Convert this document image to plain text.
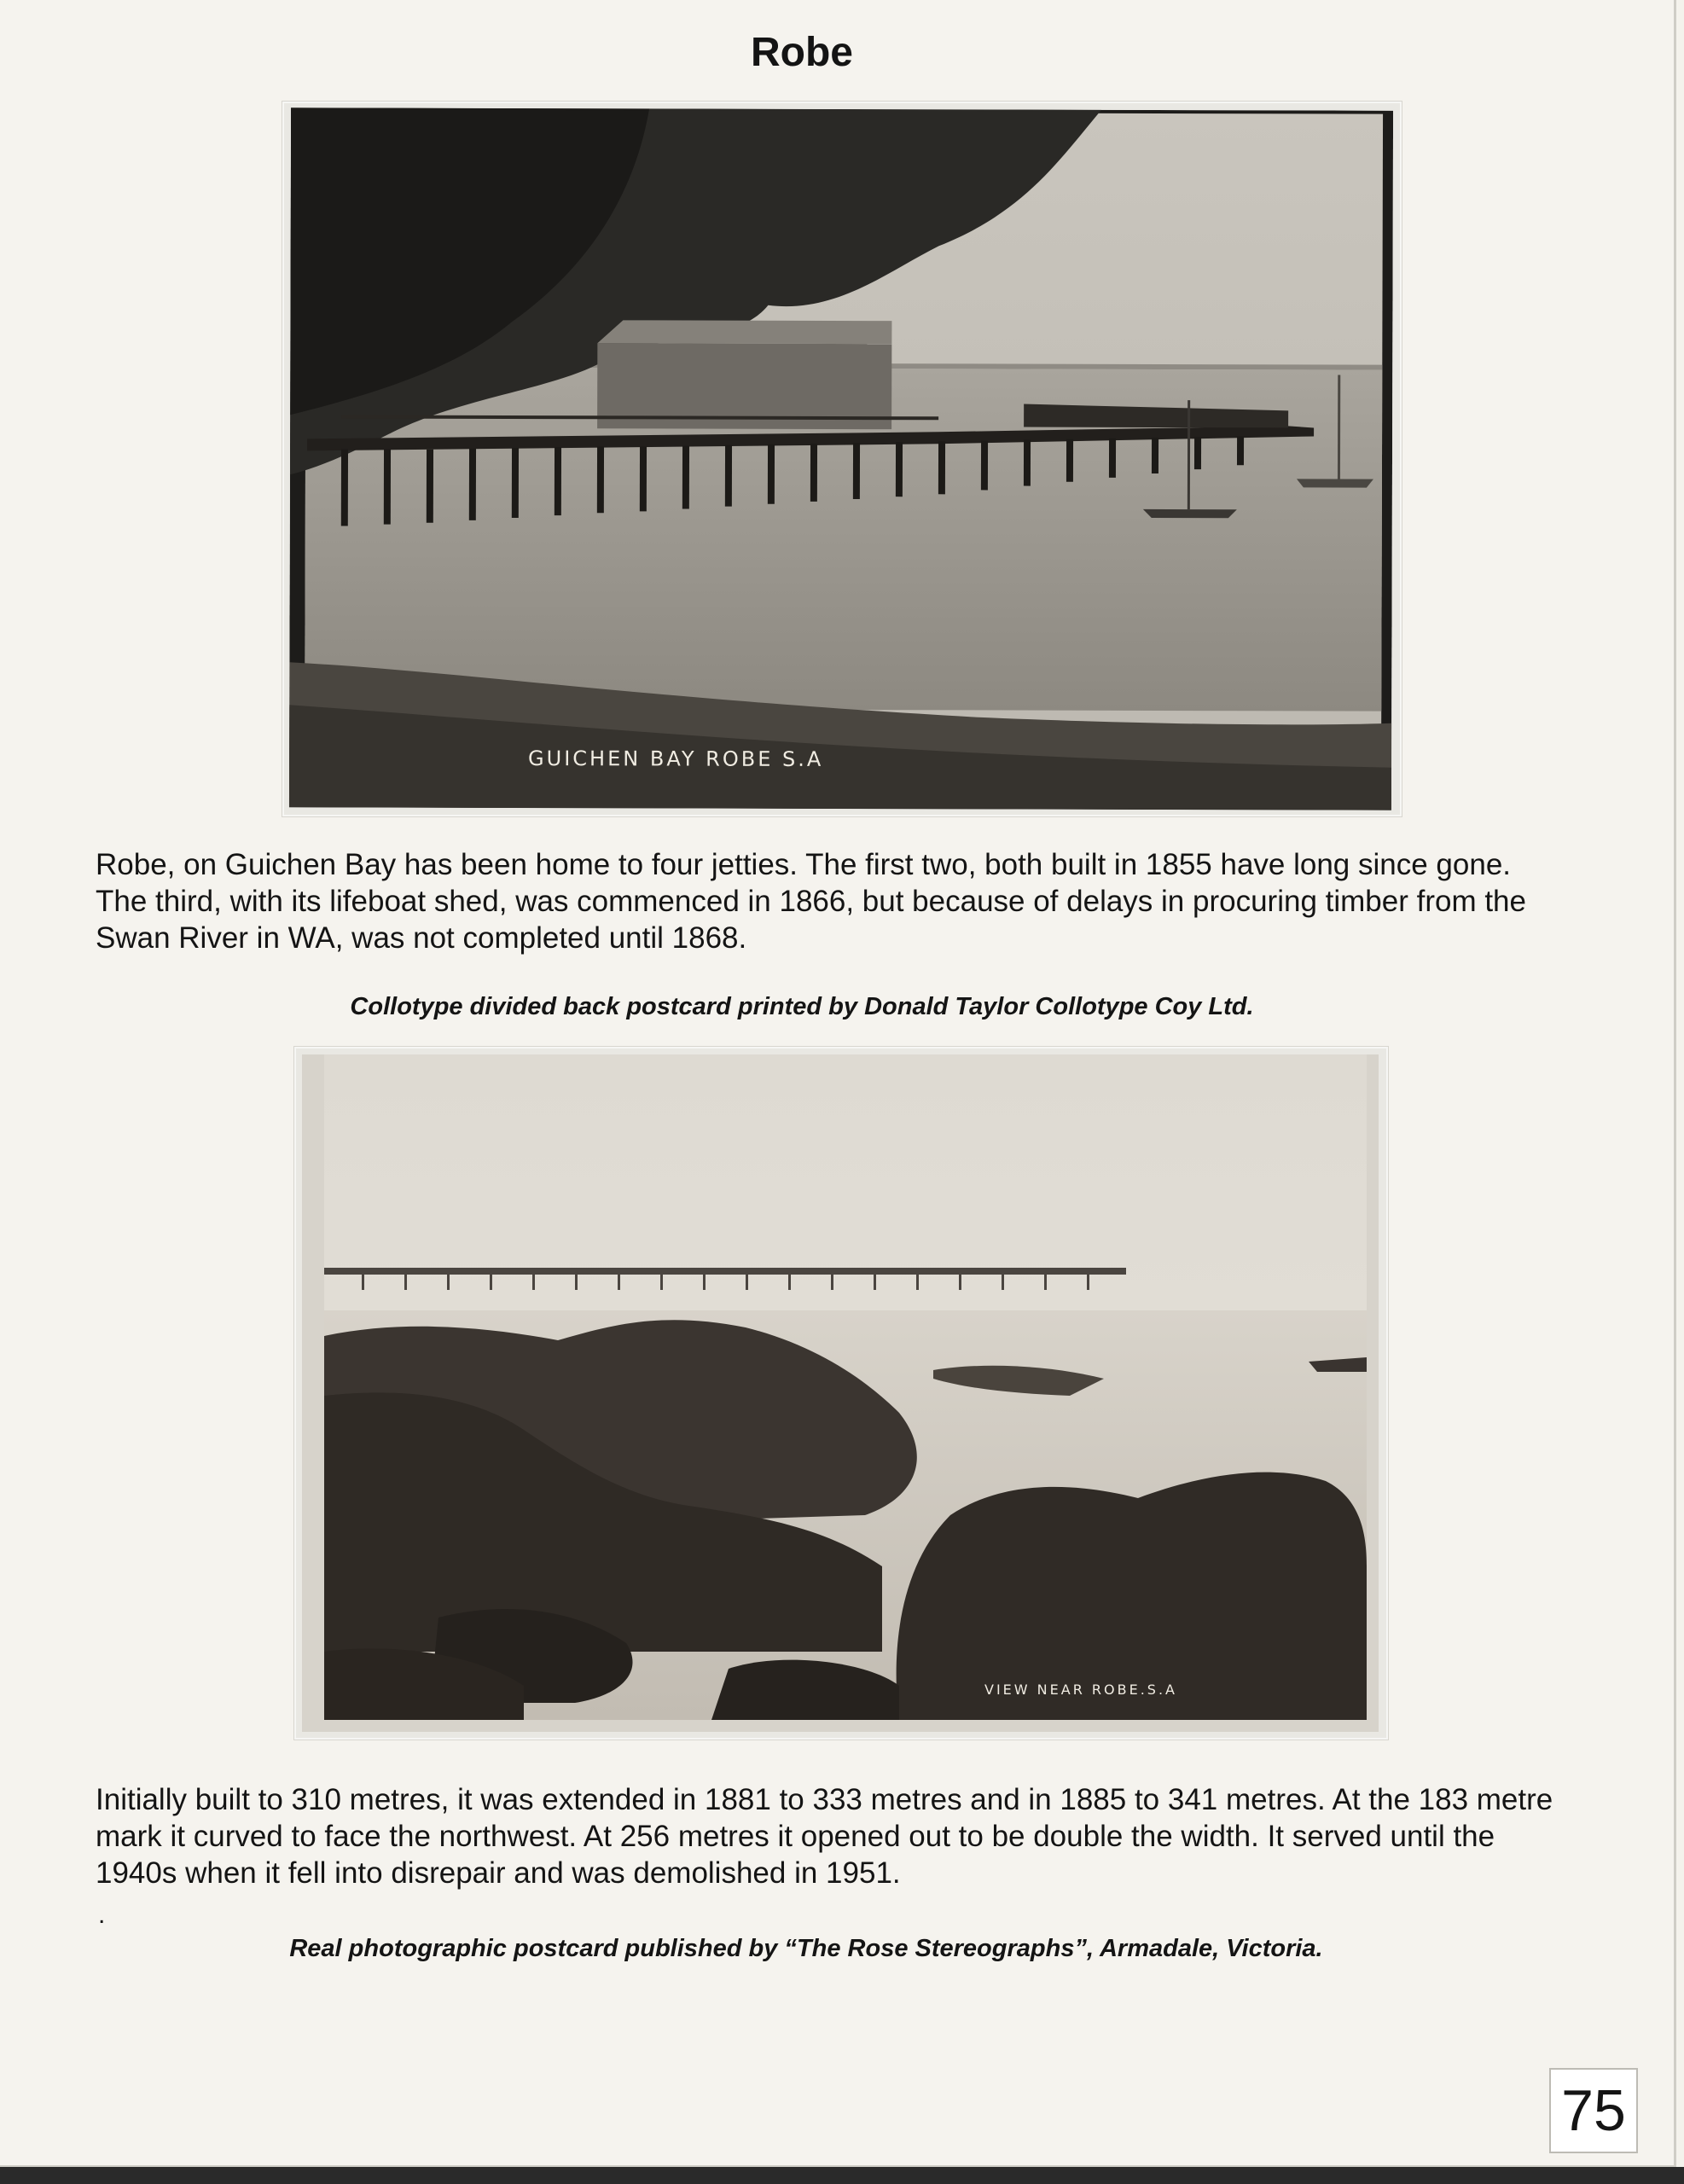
Robe
GUICHEN BAY ROBE S.A
Robe, on Guichen Bay has been home to four jetties. The first two, both built in 1855 have long since gone. The third, with its lifeboat shed, was commenced in 1866, but because of delays in procuring timber from the Swan River in WA, was not completed until 1868.
Collotype divided back postcard printed by Donald Taylor Collotype Coy Ltd.
VIEW NEAR ROBE.S.A
Initially built to 310 metres, it was extended in 1881 to 333 metres and in 1885 to 341 metres. At the 183 metre mark it curved to face the northwest. At 256 metres it opened out to be double the width. It served until the 1940s when it fell into disrepair and was demolished in 1951.
.
Real photographic postcard published by “The Rose Stereographs”, Armadale, Victoria.
75
